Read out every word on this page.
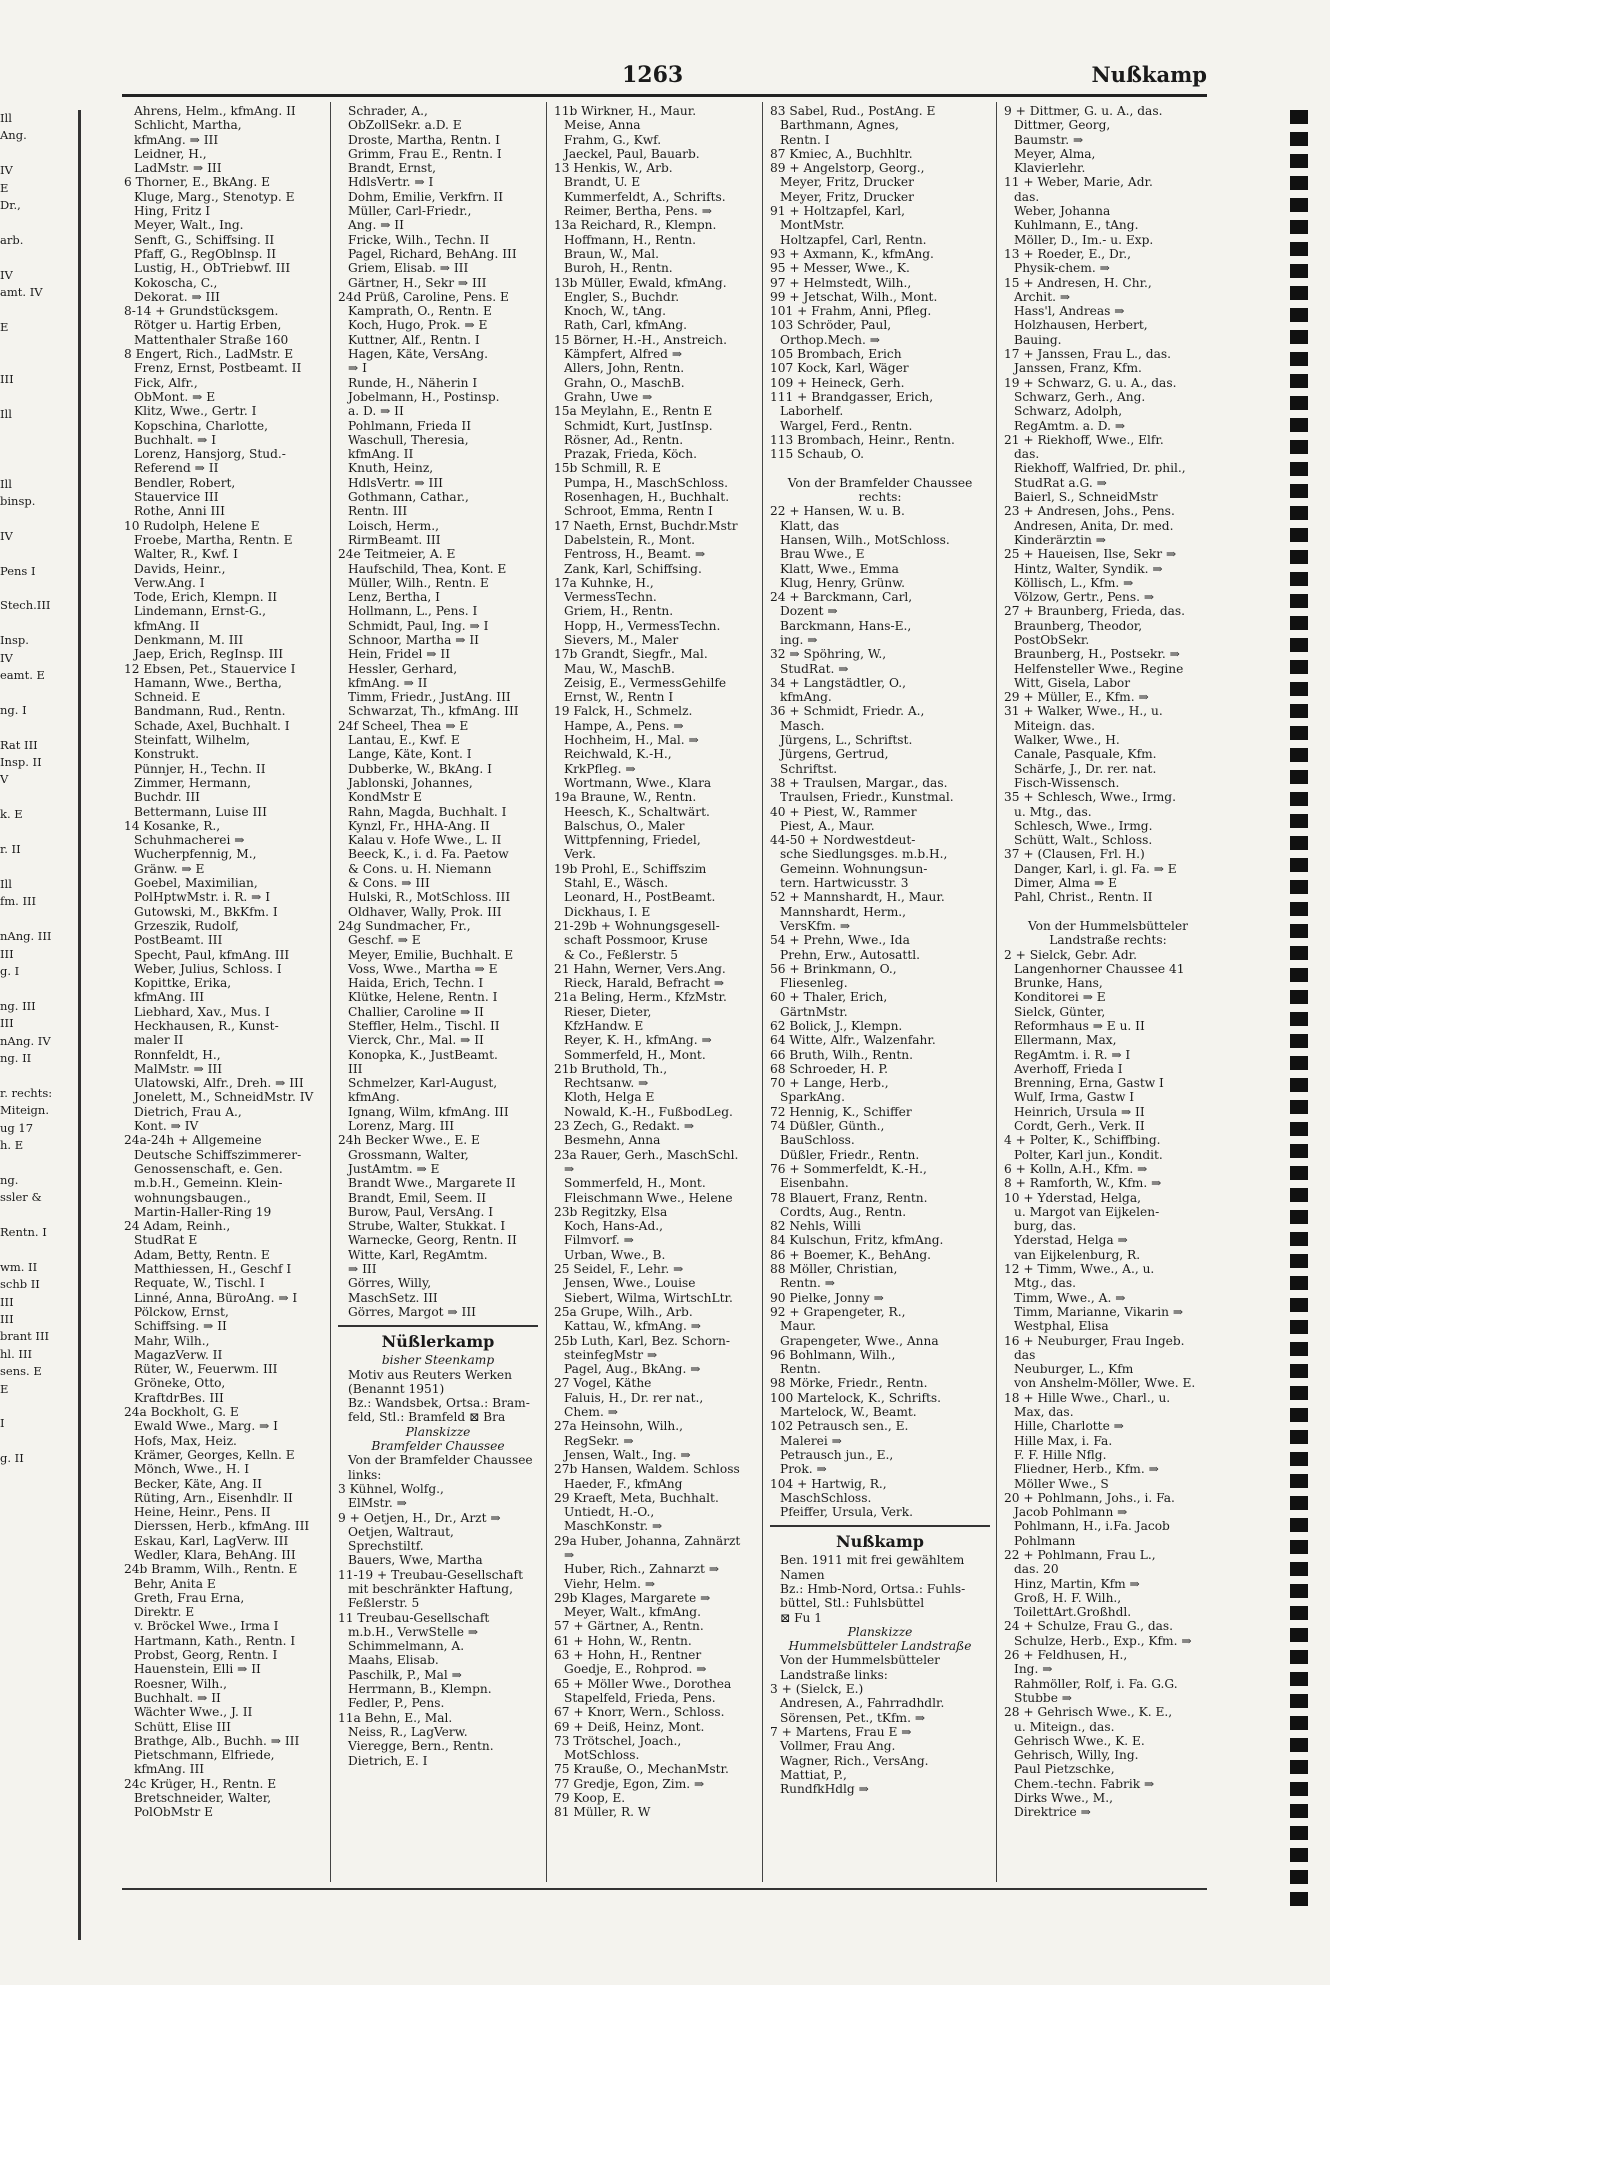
1263	Nußkamp
Ill
Ang.

IV
E
Dr.,

arb.

IV
amt. IV

E

III

Ill

Ill
binsp.

IV

Pens I

Stech.III

Insp.
IV
eamt. E

ng. I

Rat III
Insp. II
V

k. E

r. II

Ill
fm. III

nAng. III
III
g. I

ng. III
III
nAng. IV
ng. II

r. rechts:
Miteign.
ug 17
h. E

ng.
ssler &

Rentn. I

wm. II
schb II
III
III
brant III
hl. III
sens. E
E

I

g. II
Ahrens, Helm., kfmAng. II
Schlicht, Martha,
kfmAng. ⇒ III
Leidner, H.,
LadMstr. ⇒ III
6 Thorner, E., BkAng. E
Kluge, Marg., Stenotyp. E
Hing, Fritz I
Meyer, Walt., Ing.
Senft, G., Schiffsing. II
Pfaff, G., RegOblnsp. II
Lustig, H., ObTriebwf. III
Kokoscha, C.,
Dekorat. ⇒ III
8-14 + Grundstücksgem.
Rötger u. Hartig Erben,
Mattenthaler Straße 160
8 Engert, Rich., LadMstr. E
Frenz, Ernst, Postbeamt. II
Fick, Alfr.,
ObMont. ⇒ E
Klitz, Wwe., Gertr. I
Kopschina, Charlotte,
Buchhalt. ⇒ I
Lorenz, Hansjorg, Stud.-
Referend ⇒ II
Bendler, Robert,
Stauervice III
Rothe, Anni III
10 Rudolph, Helene E
Froebe, Martha, Rentn. E
Walter, R., Kwf. I
Davids, Heinr.,
Verw.Ang. I
Tode, Erich, Klempn. II
Lindemann, Ernst-G.,
kfmAng. II
Denkmann, M. III
Jaep, Erich, RegInsp. III
12 Ebsen, Pet., Stauervice I
Hamann, Wwe., Bertha,
Schneid. E
Bandmann, Rud., Rentn.
Schade, Axel, Buchhalt. I
Steinfatt, Wilhelm,
Konstrukt.
Pünnjer, H., Techn. II
Zimmer, Hermann,
Buchdr. III
Bettermann, Luise III
14 Kosanke, R.,
Schuhmacherei ⇒
Wucherpfennig, M.,
Gränw. ⇒ E
Goebel, Maximilian,
PolHptwMstr. i. R. ⇒ I
Gutowski, M., BkKfm. I
Grzeszik, Rudolf,
PostBeamt. III
Specht, Paul, kfmAng. III
Weber, Julius, Schloss. I
Kopittke, Erika,
kfmAng. III
Liebhard, Xav., Mus. I
Heckhausen, R., Kunst-
maler II
Ronnfeldt, H.,
MalMstr. ⇒ III
Ulatowski, Alfr., Dreh. ⇒ III
Jonelett, M., SchneidMstr. IV
Dietrich, Frau A.,
Kont. ⇒ IV
24a-24h + Allgemeine
Deutsche Schiffszimmerer-
Genossenschaft, e. Gen.
m.b.H., Gemeinn. Klein-
wohnungsbaugen.,
Martin-Haller-Ring 19
24 Adam, Reinh.,
StudRat E
Adam, Betty, Rentn. E
Matthiessen, H., Geschf I
Requate, W., Tischl. I
Linné, Anna, BüroAng. ⇒ I
Pölckow, Ernst,
Schiffsing. ⇒ II
Mahr, Wilh.,
MagazVerw. II
Rüter, W., Feuerwm. III
Gröneke, Otto,
KraftdrBes. III
24a Bockholt, G. E
Ewald Wwe., Marg. ⇒ I
Hofs, Max, Heiz.
Krämer, Georges, Kelln. E
Mönch, Wwe., H. I
Becker, Käte, Ang. II
Rüting, Arn., Eisenhdlr. II
Heine, Heinr., Pens. II
Dierssen, Herb., kfmAng. III
Eskau, Karl, LagVerw. III
Wedler, Klara, BehAng. III
24b Bramm, Wilh., Rentn. E
Behr, Anita E
Greth, Frau Erna,
Direktr. E
v. Bröckel Wwe., Irma I
Hartmann, Kath., Rentn. I
Probst, Georg, Rentn. I
Hauenstein, Elli ⇒ II
Roesner, Wilh.,
Buchhalt. ⇒ II
Wächter Wwe., J. II
Schütt, Elise III
Brathge, Alb., Buchh. ⇒ III
Pietschmann, Elfriede,
kfmAng. III
24c Krüger, H., Rentn. E
Bretschneider, Walter,
PolObMstr E
Schrader, A.,
ObZollSekr. a.D. E
Droste, Martha, Rentn. I
Grimm, Frau E., Rentn. I
Brandt, Ernst,
HdlsVertr. ⇒ I
Dohm, Emilie, Verkfrn. II
Müller, Carl-Friedr.,
Ang. ⇒ II
Fricke, Wilh., Techn. II
Pagel, Richard, BehAng. III
Griem, Elisab. ⇒ III
Gärtner, H., Sekr ⇒ III
24d Prüß, Caroline, Pens. E
Kamprath, O., Rentn. E
Koch, Hugo, Prok. ⇒ E
Kuttner, Alf., Rentn. I
Hagen, Käte, VersAng.
⇒ I
Runde, H., Näherin I
Jobelmann, H., Postinsp.
a. D. ⇒ II
Pohlmann, Frieda II
Waschull, Theresia,
kfmAng. II
Knuth, Heinz,
HdlsVertr. ⇒ III
Gothmann, Cathar.,
Rentn. III
Loisch, Herm.,
RirmBeamt. III
24e Teitmeier, A. E
Haufschild, Thea, Kont. E
Müller, Wilh., Rentn. E
Lenz, Bertha, I
Hollmann, L., Pens. I
Schmidt, Paul, Ing. ⇒ I
Schnoor, Martha ⇒ II
Hein, Fridel ⇒ II
Hessler, Gerhard,
kfmAng. ⇒ II
Timm, Friedr., JustAng. III
Schwarzat, Th., kfmAng. III
24f Scheel, Thea ⇒ E
Lantau, E., Kwf. E
Lange, Käte, Kont. I
Dubberke, W., BkAng. I
Jablonski, Johannes,
KondMstr E
Rahn, Magda, Buchhalt. I
Kynzl, Fr., HHA-Ang. II
Kalau v. Hofe Wwe., L. II
Beeck, K., i. d. Fa. Paetow
& Cons. u. H. Niemann
& Cons. ⇒ III
Hulski, R., MotSchloss. III
Oldhaver, Wally, Prok. III
24g Sundmacher, Fr.,
Geschf. ⇒ E
Meyer, Emilie, Buchhalt. E
Voss, Wwe., Martha ⇒ E
Haida, Erich, Techn. I
Klütke, Helene, Rentn. I
Challier, Caroline ⇒ II
Steffler, Helm., Tischl. II
Vierck, Chr., Mal. ⇒ II
Konopka, K., JustBeamt.
III
Schmelzer, Karl-August,
kfmAng.
Ignang, Wilm, kfmAng. III
Lorenz, Marg. III
24h Becker Wwe., E. E
Grossmann, Walter,
JustAmtm. ⇒ E
Brandt Wwe., Margarete II
Brandt, Emil, Seem. II
Burow, Paul, VersAng. I
Strube, Walter, Stukkat. I
Warnecke, Georg, Rentn. II
Witte, Karl, RegAmtm.
⇒ III
Görres, Willy,
MaschSetz. III
Görres, Margot ⇒ III
Nüßlerkamp
bisher Steenkamp
Motiv aus Reuters Werken
(Benannt 1951)
Bz.: Wandsbek, Ortsa.: Bram-
feld, Stl.: Bramfeld ⊠ Bra
Planskizze
Bramfelder Chaussee
Von der Bramfelder Chaussee
links:
3 Kühnel, Wolfg.,
ElMstr. ⇒
9 + Oetjen, H., Dr., Arzt ⇒
Oetjen, Waltraut,
Sprechstiltf.
Bauers, Wwe, Martha
11-19 + Treubau-Gesellschaft
mit beschränkter Haftung,
Feßlerstr. 5
11 Treubau-Gesellschaft
m.b.H., VerwStelle ⇒
Schimmelmann, A.
Maahs, Elisab.
Paschilk, P., Mal ⇒
Herrmann, B., Klempn.
Fedler, P., Pens.
11a Behn, E., Mal.
Neiss, R., LagVerw.
Vieregge, Bern., Rentn.
Dietrich, E. I
11b Wirkner, H., Maur.
Meise, Anna
Frahm, G., Kwf.
Jaeckel, Paul, Bauarb.
13 Henkis, W., Arb.
Brandt, U. E
Kummerfeldt, A., Schrifts.
Reimer, Bertha, Pens. ⇒
13a Reichard, R., Klempn.
Hoffmann, H., Rentn.
Braun, W., Mal.
Buroh, H., Rentn.
13b Müller, Ewald, kfmAng.
Engler, S., Buchdr.
Knoch, W., tAng.
Rath, Carl, kfmAng.
15 Börner, H.-H., Anstreich.
Kämpfert, Alfred ⇒
Allers, John, Rentn.
Grahn, O., MaschB.
Grahn, Uwe ⇒
15a Meylahn, E., Rentn E
Schmidt, Kurt, JustInsp.
Rösner, Ad., Rentn.
Prazak, Frieda, Köch.
15b Schmill, R. E
Pumpa, H., MaschSchloss.
Rosenhagen, H., Buchhalt.
Schroot, Emma, Rentn I
17 Naeth, Ernst, Buchdr.Mstr
Dabelstein, R., Mont.
Fentross, H., Beamt. ⇒
Zank, Karl, Schiffsing.
17a Kuhnke, H.,
VermessTechn.
Griem, H., Rentn.
Hopp, H., VermessTechn.
Sievers, M., Maler
17b Grandt, Siegfr., Mal.
Mau, W., MaschB.
Zeisig, E., VermessGehilfe
Ernst, W., Rentn I
19 Falck, H., Schmelz.
Hampe, A., Pens. ⇒
Hochheim, H., Mal. ⇒
Reichwald, K.-H.,
KrkPfleg. ⇒
Wortmann, Wwe., Klara
19a Braune, W., Rentn.
Heesch, K., Schaltwärt.
Balschus, O., Maler
Wittpfenning, Friedel,
Verk.
19b Prohl, E., Schiffszim
Stahl, E., Wäsch.
Leonard, H., PostBeamt.
Dickhaus, I. E
21-29b + Wohnungsgesell-
schaft Possmoor, Kruse
& Co., Feßlerstr. 5
21 Hahn, Werner, Vers.Ang.
Rieck, Harald, Befracht ⇒
21a Beling, Herm., KfzMstr.
Rieser, Dieter,
KfzHandw. E
Reyer, K. H., kfmAng. ⇒
Sommerfeld, H., Mont.
21b Bruthold, Th.,
Rechtsanw. ⇒
Kloth, Helga E
Nowald, K.-H., FußbodLeg.
23 Zech, G., Redakt. ⇒
Besmehn, Anna
23a Rauer, Gerh., MaschSchl.
⇒
Sommerfeld, H., Mont.
Fleischmann Wwe., Helene
23b Regitzky, Elsa
Koch, Hans-Ad.,
Filmvorf. ⇒
Urban, Wwe., B.
25 Seidel, F., Lehr. ⇒
Jensen, Wwe., Louise
Siebert, Wilma, WirtschLtr.
25a Grupe, Wilh., Arb.
Kattau, W., kfmAng. ⇒
25b Luth, Karl, Bez. Schorn-
steinfegMstr ⇒
Pagel, Aug., BkAng. ⇒
27 Vogel, Käthe
Faluis, H., Dr. rer nat.,
Chem. ⇒
27a Heinsohn, Wilh.,
RegSekr. ⇒
Jensen, Walt., Ing. ⇒
27b Hansen, Waldem. Schloss
Haeder, F., kfmAng
29 Kraeft, Meta, Buchhalt.
Untiedt, H.-O.,
MaschKonstr. ⇒
29a Huber, Johanna, Zahnärzt
⇒
Huber, Rich., Zahnarzt ⇒
Viehr, Helm. ⇒
29b Klages, Margarete ⇒
Meyer, Walt., kfmAng.
57 + Gärtner, A., Rentn.
61 + Hohn, W., Rentn.
63 + Hohn, H., Rentner
Goedje, E., Rohprod. ⇒
65 + Möller Wwe., Dorothea
Stapelfeld, Frieda, Pens.
67 + Knorr, Wern., Schloss.
69 + Deiß, Heinz, Mont.
73 Trötschel, Joach.,
MotSchloss.
75 Krauße, O., MechanMstr.
77 Gredje, Egon, Zim. ⇒
79 Koop, E.
81 Müller, R. W
83 Sabel, Rud., PostAng. E
Barthmann, Agnes,
Rentn. I
87 Kmiec, A., Buchhltr.
89 + Angelstorp, Georg.,
Meyer, Fritz, Drucker
Meyer, Fritz, Drucker
91 + Holtzapfel, Karl,
MontMstr.
Holtzapfel, Carl, Rentn.
93 + Axmann, K., kfmAng.
95 + Messer, Wwe., K.
97 + Helmstedt, Wilh.,
99 + Jetschat, Wilh., Mont.
101 + Frahm, Anni, Pfleg.
103 Schröder, Paul,
Orthop.Mech. ⇒
105 Brombach, Erich
107 Kock, Karl, Wäger
109 + Heineck, Gerh.
111 + Brandgasser, Erich,
Laborhelf.
Wargel, Ferd., Rentn.
113 Brombach, Heinr., Rentn.
115 Schaub, O.

Von der Bramfelder Chaussee
rechts:
22 + Hansen, W. u. B.
Klatt, das
Hansen, Wilh., MotSchloss.
Brau Wwe., E
Klatt, Wwe., Emma
Klug, Henry, Grünw.
24 + Barckmann, Carl,
Dozent ⇒
Barckmann, Hans-E.,
ing. ⇒
32 ⇒ Spöhring, W.,
StudRat. ⇒
34 + Langstädtler, O.,
kfmAng.
36 + Schmidt, Friedr. A.,
Masch.
Jürgens, L., Schriftst.
Jürgens, Gertrud,
Schriftst.
38 + Traulsen, Margar., das.
Traulsen, Friedr., Kunstmal.
40 + Piest, W., Rammer
Piest, A., Maur.
44-50 + Nordwestdeut-
sche Siedlungsges. m.b.H.,
Gemeinn. Wohnungsun-
tern. Hartwicusstr. 3
52 + Mannshardt, H., Maur.
Mannshardt, Herm.,
VersKfm. ⇒
54 + Prehn, Wwe., Ida
Prehn, Erw., Autosattl.
56 + Brinkmann, O.,
Fliesenleg.
60 + Thaler, Erich,
GärtnMstr.
62 Bolick, J., Klempn.
64 Witte, Alfr., Walzenfahr.
66 Bruth, Wilh., Rentn.
68 Schroeder, H. P.
70 + Lange, Herb.,
SparkAng.
72 Hennig, K., Schiffer
74 Düßler, Günth.,
BauSchloss.
Düßler, Friedr., Rentn.
76 + Sommerfeldt, K.-H.,
Eisenbahn.
78 Blauert, Franz, Rentn.
Cordts, Aug., Rentn.
82 Nehls, Willi
84 Kulschun, Fritz, kfmAng.
86 + Boemer, K., BehAng.
88 Möller, Christian,
Rentn. ⇒
90 Pielke, Jonny ⇒
92 + Grapengeter, R.,
Maur.
Grapengeter, Wwe., Anna
96 Bohlmann, Wilh.,
Rentn.
98 Mörke, Friedr., Rentn.
100 Martelock, K., Schrifts.
Martelock, W., Beamt.
102 Petrausch sen., E.
Malerei ⇒
Petrausch jun., E.,
Prok. ⇒
104 + Hartwig, R.,
MaschSchloss.
Pfeiffer, Ursula, Verk.
Nußkamp
Ben. 1911 mit frei gewähltem
Namen
Bz.: Hmb-Nord, Ortsa.: Fuhls-
büttel, Stl.: Fuhlsbüttel
⊠ Fu 1
Planskizze
Hummelsbütteler Landstraße
Von der Hummelsbütteler
Landstraße links:
3 + (Sielck, E.)
Andresen, A., Fahrradhdlr.
Sörensen, Pet., tKfm. ⇒
7 + Martens, Frau E ⇒
Vollmer, Frau Ang.
Wagner, Rich., VersAng.
Mattiat, P.,
RundfkHdlg ⇒
9 + Dittmer, G. u. A., das.
Dittmer, Georg,
Baumstr. ⇒
Meyer, Alma,
Klavierlehr.
11 + Weber, Marie, Adr.
das.
Weber, Johanna
Kuhlmann, E., tAng.
Möller, D., Im.- u. Exp.
13 + Roeder, E., Dr.,
Physik-chem. ⇒
15 + Andresen, H. Chr.,
Archit. ⇒
Hass'l, Andreas ⇒
Holzhausen, Herbert,
Bauing.
17 + Janssen, Frau L., das.
Janssen, Franz, Kfm.
19 + Schwarz, G. u. A., das.
Schwarz, Gerh., Ang.
Schwarz, Adolph,
RegAmtm. a. D. ⇒
21 + Riekhoff, Wwe., Elfr.
das.
Riekhoff, Walfried, Dr. phil.,
StudRat a.G. ⇒
Baierl, S., SchneidMstr
23 + Andresen, Johs., Pens.
Andresen, Anita, Dr. med.
Kinderärztin ⇒
25 + Haueisen, Ilse, Sekr ⇒
Hintz, Walter, Syndik. ⇒
Köllisch, L., Kfm. ⇒
Völzow, Gertr., Pens. ⇒
27 + Braunberg, Frieda, das.
Braunberg, Theodor,
PostObSekr.
Braunberg, H., Postsekr. ⇒
Helfensteller Wwe., Regine
Witt, Gisela, Labor
29 + Müller, E., Kfm. ⇒
31 + Walker, Wwe., H., u.
Miteign. das.
Walker, Wwe., H.
Canale, Pasquale, Kfm.
Schärfe, J., Dr. rer. nat.
Fisch-Wissensch.
35 + Schlesch, Wwe., Irmg.
u. Mtg., das.
Schlesch, Wwe., Irmg.
Schütt, Walt., Schloss.
37 + (Clausen, Frl. H.)
Danger, Karl, i. gl. Fa. ⇒ E
Dimer, Alma ⇒ E
Pahl, Christ., Rentn. II

Von der Hummelsbütteler
Landstraße rechts:
2 + Sielck, Gebr. Adr.
Langenhorner Chaussee 41
Brunke, Hans,
Konditorei ⇒ E
Sielck, Günter,
Reformhaus ⇒ E u. II
Ellermann, Max,
RegAmtm. i. R. ⇒ I
Averhoff, Frieda I
Brenning, Erna, Gastw I
Wulf, Irma, Gastw I
Heinrich, Ursula ⇒ II
Cordt, Gerh., Verk. II
4 + Polter, K., Schiffbing.
Polter, Karl jun., Kondit.
6 + Kolln, A.H., Kfm. ⇒
8 + Ramforth, W., Kfm. ⇒
10 + Yderstad, Helga,
u. Margot van Eijkelen-
burg, das.
Yderstad, Helga ⇒
van Eijkelenburg, R.
12 + Timm, Wwe., A., u.
Mtg., das.
Timm, Wwe., A. ⇒
Timm, Marianne, Vikarin ⇒
Westphal, Elisa
16 + Neuburger, Frau Ingeb.
das
Neuburger, L., Kfm
von Anshelm-Möller, Wwe. E.
18 + Hille Wwe., Charl., u.
Max, das.
Hille, Charlotte ⇒
Hille Max, i. Fa.
F. F. Hille Nflg.
Fliedner, Herb., Kfm. ⇒
Möller Wwe., S
20 + Pohlmann, Johs., i. Fa.
Jacob Pohlmann ⇒
Pohlmann, H., i.Fa. Jacob
Pohlmann
22 + Pohlmann, Frau L.,
das. 20
Hinz, Martin, Kfm ⇒
Groß, H. F. Wilh.,
ToilettArt.Großhdl.
24 + Schulze, Frau G., das.
Schulze, Herb., Exp., Kfm. ⇒
26 + Feldhusen, H.,
Ing. ⇒
Rahmöller, Rolf, i. Fa. G.G.
Stubbe ⇒
28 + Gehrisch Wwe., K. E.,
u. Miteign., das.
Gehrisch Wwe., K. E.
Gehrisch, Willy, Ing.
Paul Pietzschke,
Chem.-techn. Fabrik ⇒
Dirks Wwe., M.,
Direktrice ⇒
